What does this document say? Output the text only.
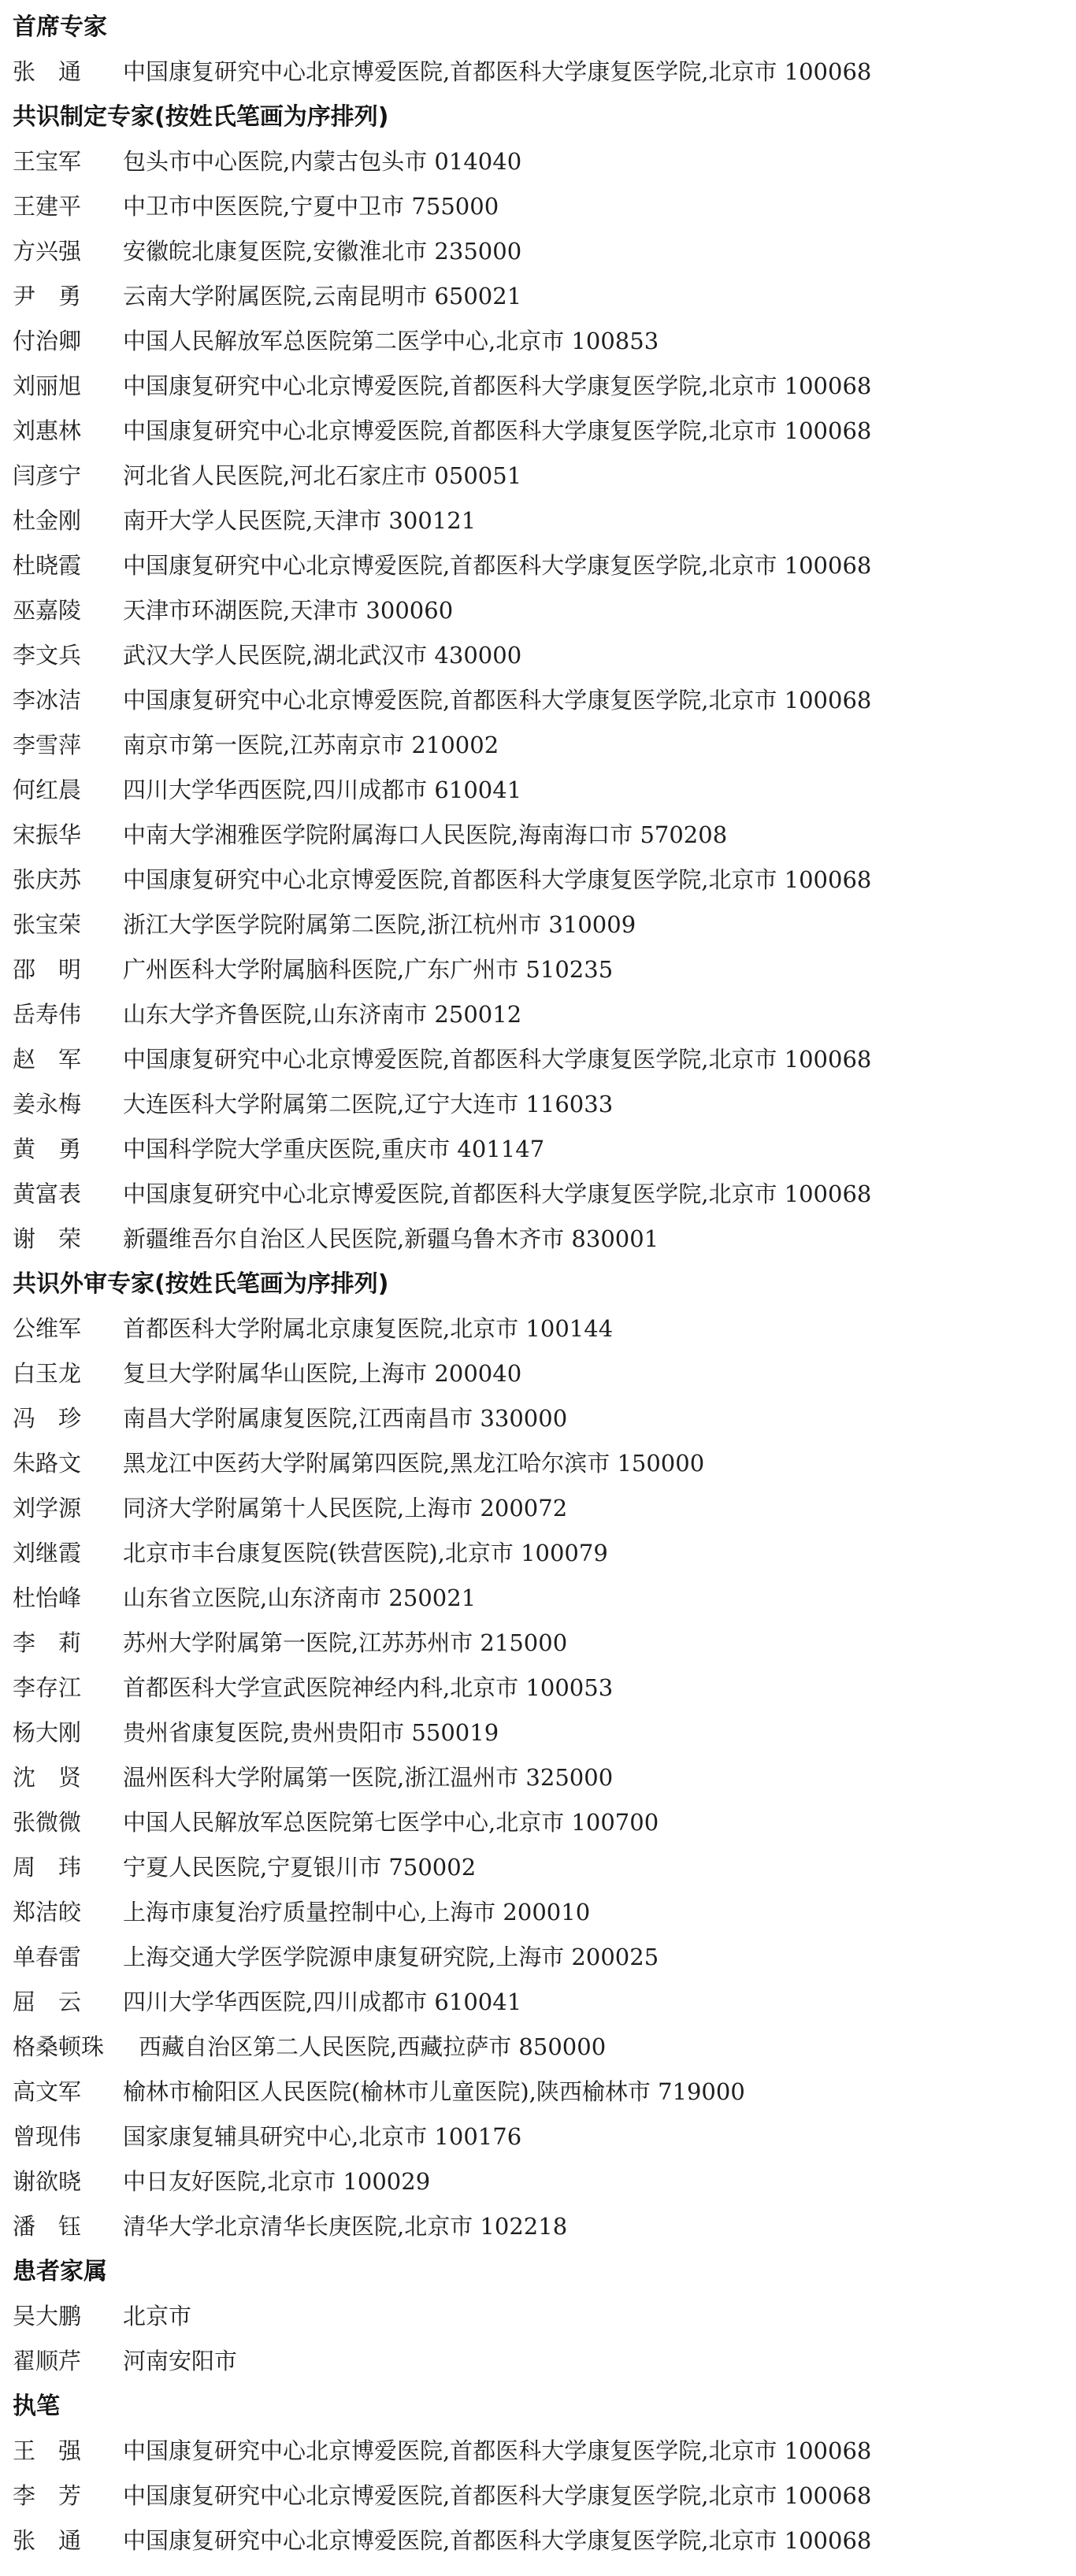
首席专家
张　通 中国康复研究中心北京博爱医院,首都医科大学康复医学院,北京市 100068
共识制定专家(按姓氏笔画为序排列)
王宝军 包头市中心医院,内蒙古包头市 014040
王建平 中卫市中医医院,宁夏中卫市 755000
方兴强 安徽皖北康复医院,安徽淮北市 235000
尹　勇 云南大学附属医院,云南昆明市 650021
付治卿 中国人民解放军总医院第二医学中心,北京市 100853
刘丽旭 中国康复研究中心北京博爱医院,首都医科大学康复医学院,北京市 100068
刘惠林 中国康复研究中心北京博爱医院,首都医科大学康复医学院,北京市 100068
闫彦宁 河北省人民医院,河北石家庄市 050051
杜金刚 南开大学人民医院,天津市 300121
杜晓霞 中国康复研究中心北京博爱医院,首都医科大学康复医学院,北京市 100068
巫嘉陵 天津市环湖医院,天津市 300060
李文兵 武汉大学人民医院,湖北武汉市 430000
李冰洁 中国康复研究中心北京博爱医院,首都医科大学康复医学院,北京市 100068
李雪萍 南京市第一医院,江苏南京市 210002
何红晨 四川大学华西医院,四川成都市 610041
宋振华 中南大学湘雅医学院附属海口人民医院,海南海口市 570208
张庆苏 中国康复研究中心北京博爱医院,首都医科大学康复医学院,北京市 100068
张宝荣 浙江大学医学院附属第二医院,浙江杭州市 310009
邵　明 广州医科大学附属脑科医院,广东广州市 510235
岳寿伟 山东大学齐鲁医院,山东济南市 250012
赵　军 中国康复研究中心北京博爱医院,首都医科大学康复医学院,北京市 100068
姜永梅 大连医科大学附属第二医院,辽宁大连市 116033
黄　勇 中国科学院大学重庆医院,重庆市 401147
黄富表 中国康复研究中心北京博爱医院,首都医科大学康复医学院,北京市 100068
谢　荣 新疆维吾尔自治区人民医院,新疆乌鲁木齐市 830001
共识外审专家(按姓氏笔画为序排列)
公维军 首都医科大学附属北京康复医院,北京市 100144
白玉龙 复旦大学附属华山医院,上海市 200040
冯　珍 南昌大学附属康复医院,江西南昌市 330000
朱路文 黑龙江中医药大学附属第四医院,黑龙江哈尔滨市 150000
刘学源 同济大学附属第十人民医院,上海市 200072
刘继霞 北京市丰台康复医院(铁营医院),北京市 100079
杜怡峰 山东省立医院,山东济南市 250021
李　莉 苏州大学附属第一医院,江苏苏州市 215000
李存江 首都医科大学宣武医院神经内科,北京市 100053
杨大刚 贵州省康复医院,贵州贵阳市 550019
沈　贤 温州医科大学附属第一医院,浙江温州市 325000
张微微 中国人民解放军总医院第七医学中心,北京市 100700
周　玮 宁夏人民医院,宁夏银川市 750002
郑洁皎 上海市康复治疗质量控制中心,上海市 200010
单春雷 上海交通大学医学院源申康复研究院,上海市 200025
屈　云 四川大学华西医院,四川成都市 610041
格桑顿珠 西藏自治区第二人民医院,西藏拉萨市 850000
高文军 榆林市榆阳区人民医院(榆林市儿童医院),陕西榆林市 719000
曾现伟 国家康复辅具研究中心,北京市 100176
谢欲晓 中日友好医院,北京市 100029
潘　钰 清华大学北京清华长庚医院,北京市 102218
患者家属
吴大鹏 北京市
翟顺芹 河南安阳市
执笔
王　强 中国康复研究中心北京博爱医院,首都医科大学康复医学院,北京市 100068
李　芳 中国康复研究中心北京博爱医院,首都医科大学康复医学院,北京市 100068
张　通 中国康复研究中心北京博爱医院,首都医科大学康复医学院,北京市 100068
